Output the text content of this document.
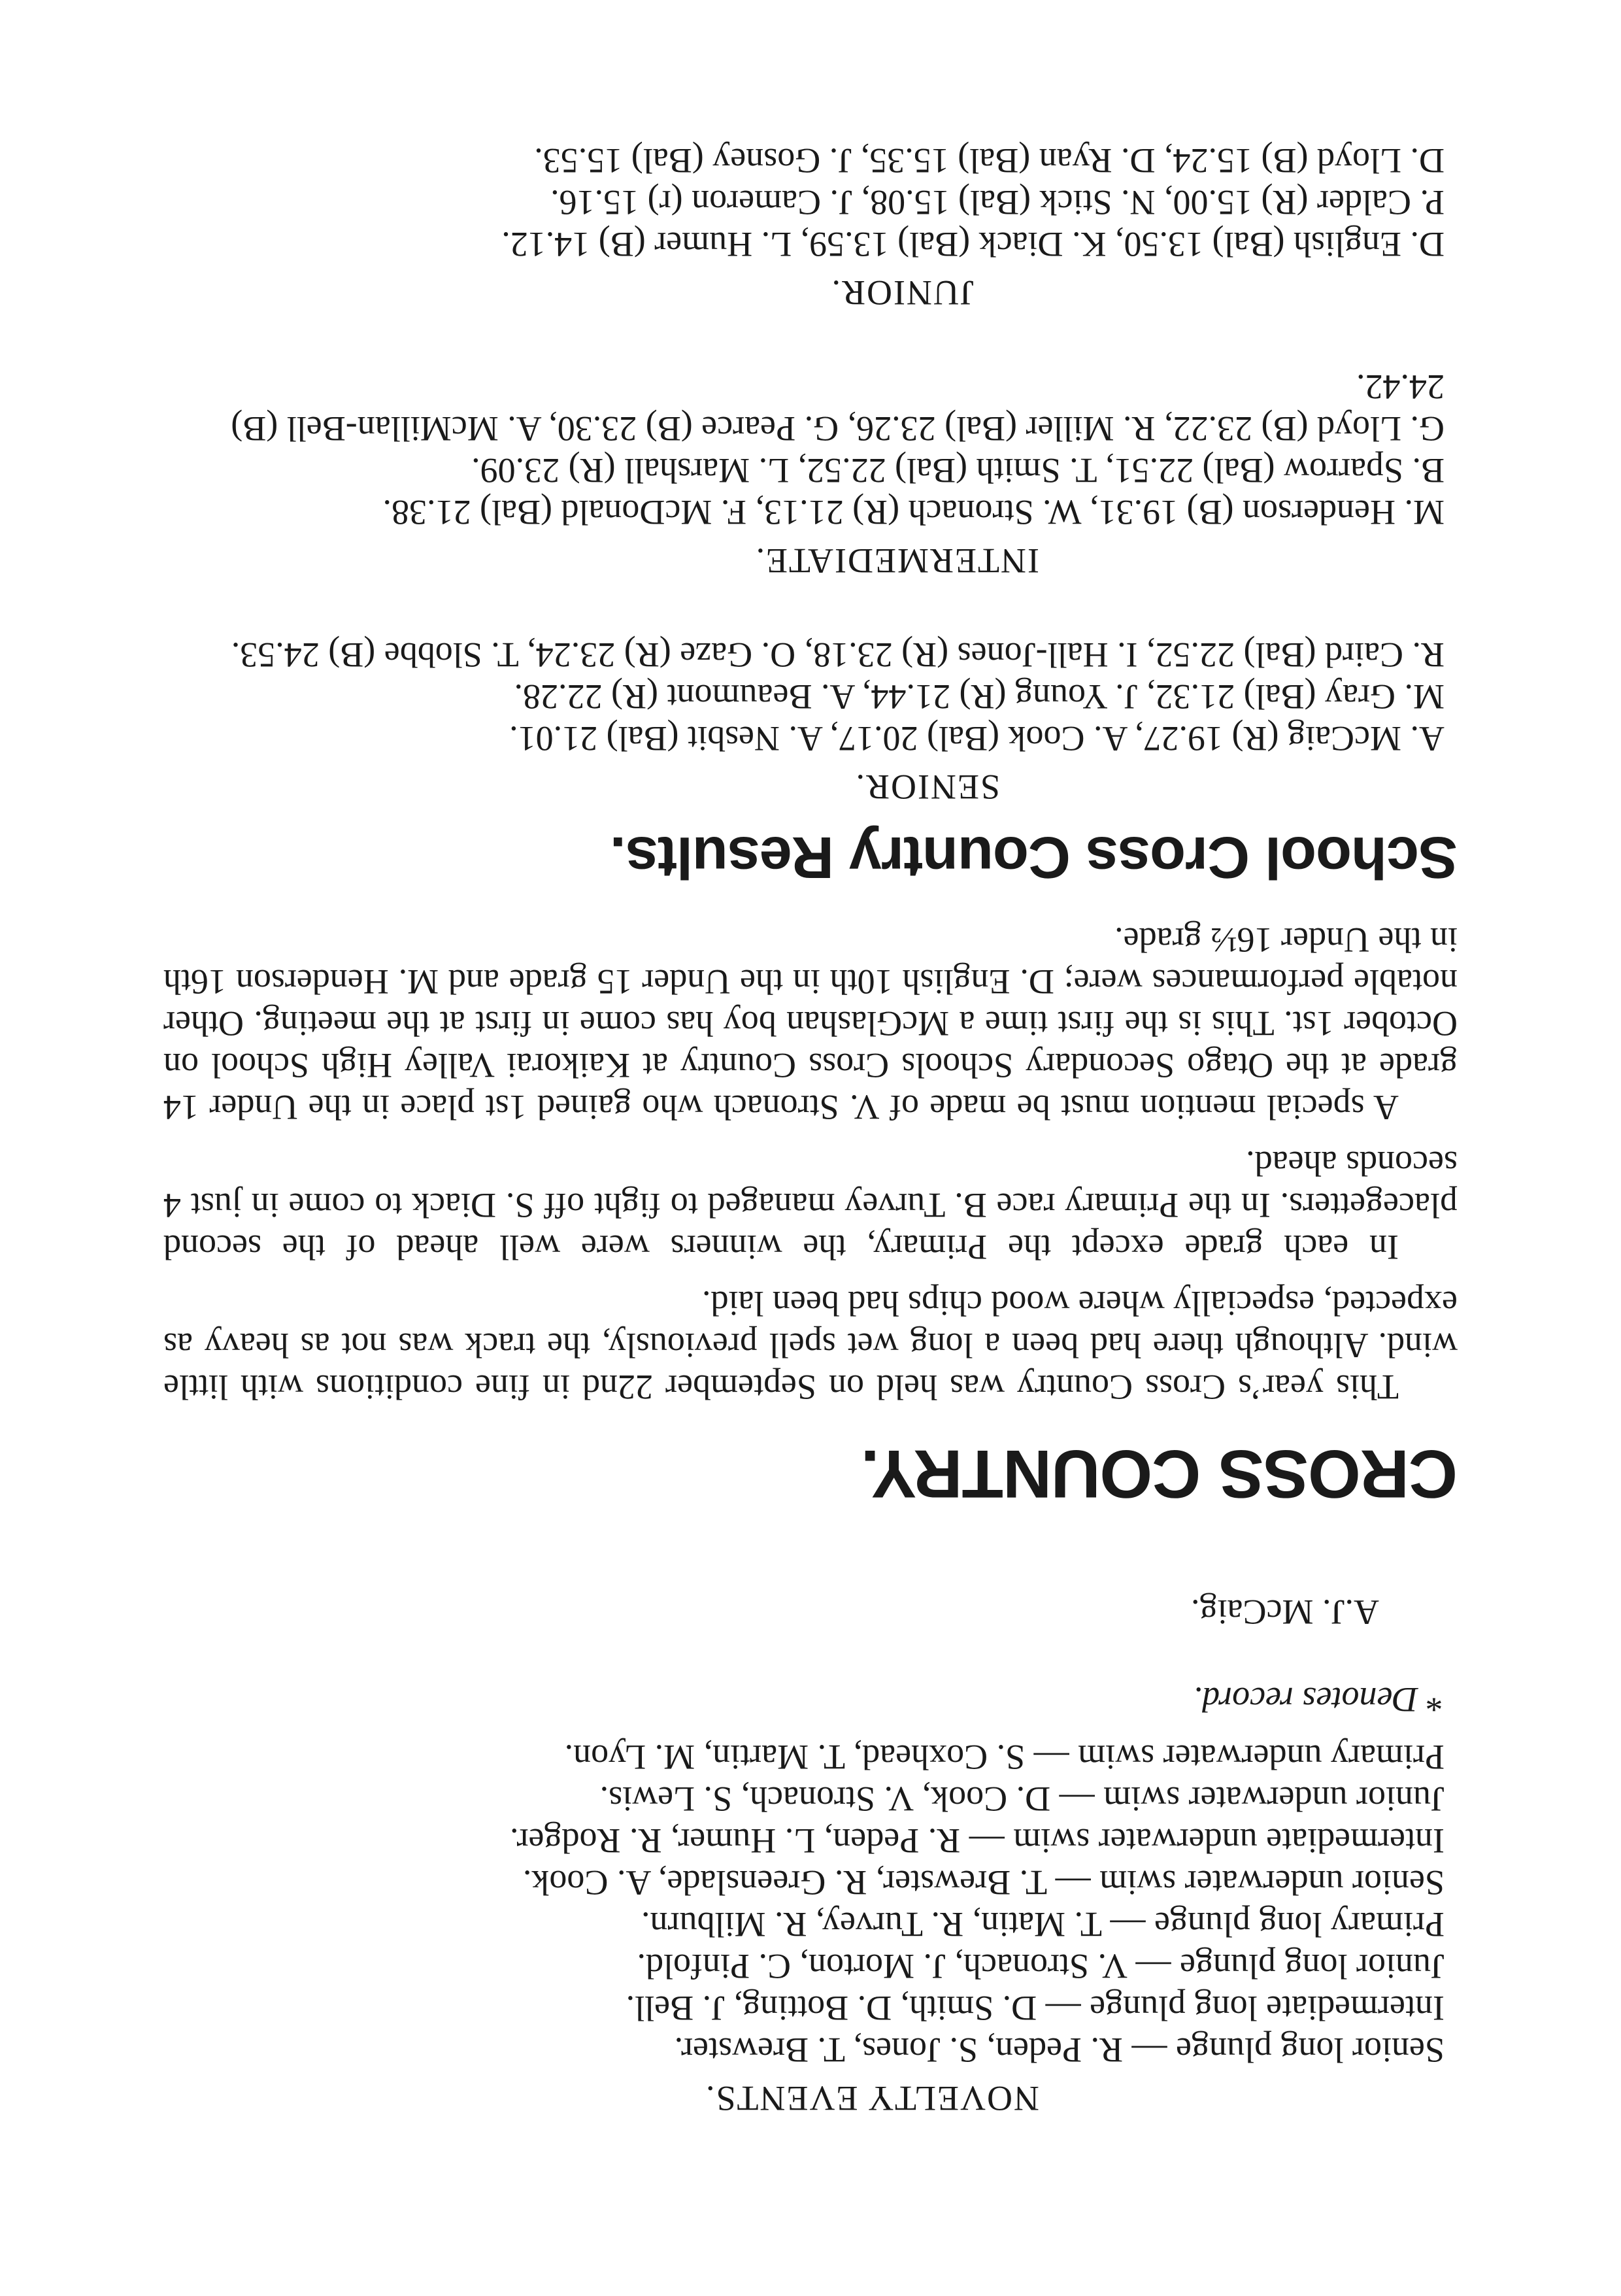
NOVELTY EVENTS.

Senior long plunge — R. Peden, S. Jones, T. Brewster.

Intermediate long plunge — D. Smith, D. Botting, J. Bell.

Junior long plunge — V. Stronach, J. Morton, C. Pinfold.

Primary long plunge — T. Matin, R. Turvey, R. Milburn.

Senior underwater swim — T. Brewster, R. Greenslade, A. Cook.

Intermediate underwater swim — R. Peden, L. Humer, R. Rodger.

Junior underwater swim — D. Cook, V. Stronach, S. Lewis.

Primary underwater swim — S. Coxhead, T. Martin, M. Lyon.

* Denotes record.

A.J. McCaig.

CROSS COUNTRY.

This year’s Cross Country was held on September 22nd in fine conditions with little wind. Although there had been a long wet spell previously, the track was not as heavy as expected, especially where wood chips had been laid.

In each grade except the Primary, the winners were well ahead of the second placegetters. In the Primary race B. Turvey managed to fight off S. Diack to come in just 4 seconds ahead.

A special mention must be made of V. Stronach who gained 1st place in the Under 14 grade at the Otago Secondary Schools Cross Country at Kaikorai Valley High School on October 1st. This is the first time a McGlashan boy has come in first at the meeting. Other notable performances were; D. English 10th in the Under 15 grade and M. Henderson 16th in the Under 16½ grade.

School Cross Country Results.
SENIOR.

A. McCaig (R) 19.27, A. Cook (Bal) 20.17, A. Nesbit (Bal) 21.01.

M. Gray (Bal) 21.32, J. Young (R) 21.44, A. Beaumont (R) 22.28.

R. Caird (Bal) 22.52, I. Hall-Jones (R) 23.18, O. Gaze (R) 23.24, T. Slobbe (B) 24.53.

INTERMEDIATE.

M. Henderson (B) 19.31, W. Stronach (R) 21.13, F. McDonald (Bal) 21.38.

B. Sparrow (Bal) 22.51, T. Smith (Bal) 22.52, L. Marshall (R) 23.09.

G. Lloyd (B) 23.22, R. Miller (Bal) 23.26, G. Pearce (B) 23.30, A. McMillan-Bell (B) 24.42.

JUNIOR.

D. English (Bal) 13.50, K. Diack (Bal) 13.59, L. Humer (B) 14.12.

P. Calder (R) 15.00, N. Stick (Bal) 15.08, J. Cameron (r) 15.16.

D. Lloyd (B) 15.24, D. Ryan (Bal) 15.35, J. Gosney (Bal) 15.53.
